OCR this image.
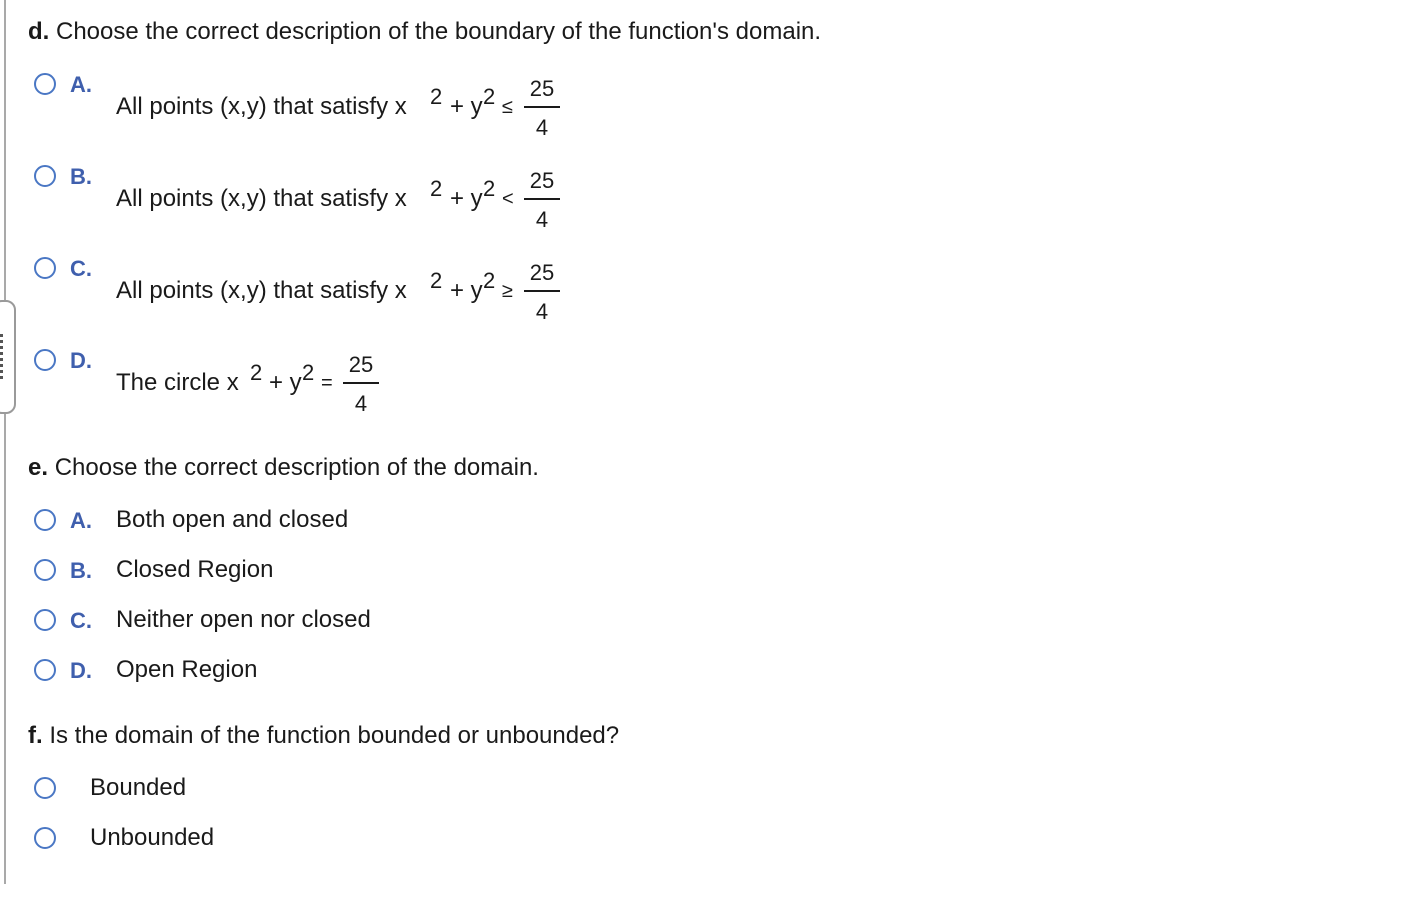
d. Choose the correct description of the boundary of the function's domain.
A.
All points (x,y) that satisfy x 2 + y 2 ≤
25
4
B.
All points (x,y) that satisfy x 2 + y 2 <
25
4
C.
All points (x,y) that satisfy x 2 + y 2 ≥
25
4
D.
The circle x 2 + y 2 =
25
4
e. Choose the correct description of the domain.
A. Both open and closed
B. Closed Region
C. Neither open nor closed
D. Open Region
f. Is the domain of the function bounded or unbounded?
Bounded
Unbounded
